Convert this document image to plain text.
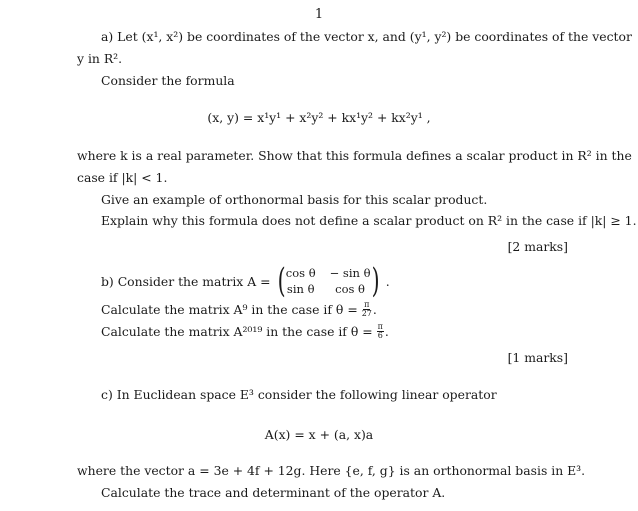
1
a) Let (x¹, x²) be coordinates of the vector x, and (y¹, y²) be coordinates of the vector
y in R².
Consider the formula
(x, y) = x¹y¹ + x²y² + kx¹y² + kx²y¹ ,
where k is a real parameter. Show that this formula defines a scalar product in R² in the
case if |k| < 1.
Give an example of orthonormal basis for this scalar product.
Explain why this formula does not define a scalar product on R² in the case if |k| ≥ 1.
[2 marks]
b) Consider the matrix A = ( cos θ − sin θ
sin θ	cos θ ) .
Calculate the matrix A⁹ in the case if $\theta = \frac{\pi}{27}$ .
Calculate the matrix A²⁰¹⁹ in the case if $\theta = \frac{\pi}{6}$ .
[1 marks]
c) In Euclidean space E³ consider the following linear operator
A(x) = x + (a, x)a
where the vector a = 3e + 4f + 12g. Here {e, f, g} is an orthonormal basis in E³.
Calculate the trace and determinant of the operator A.
